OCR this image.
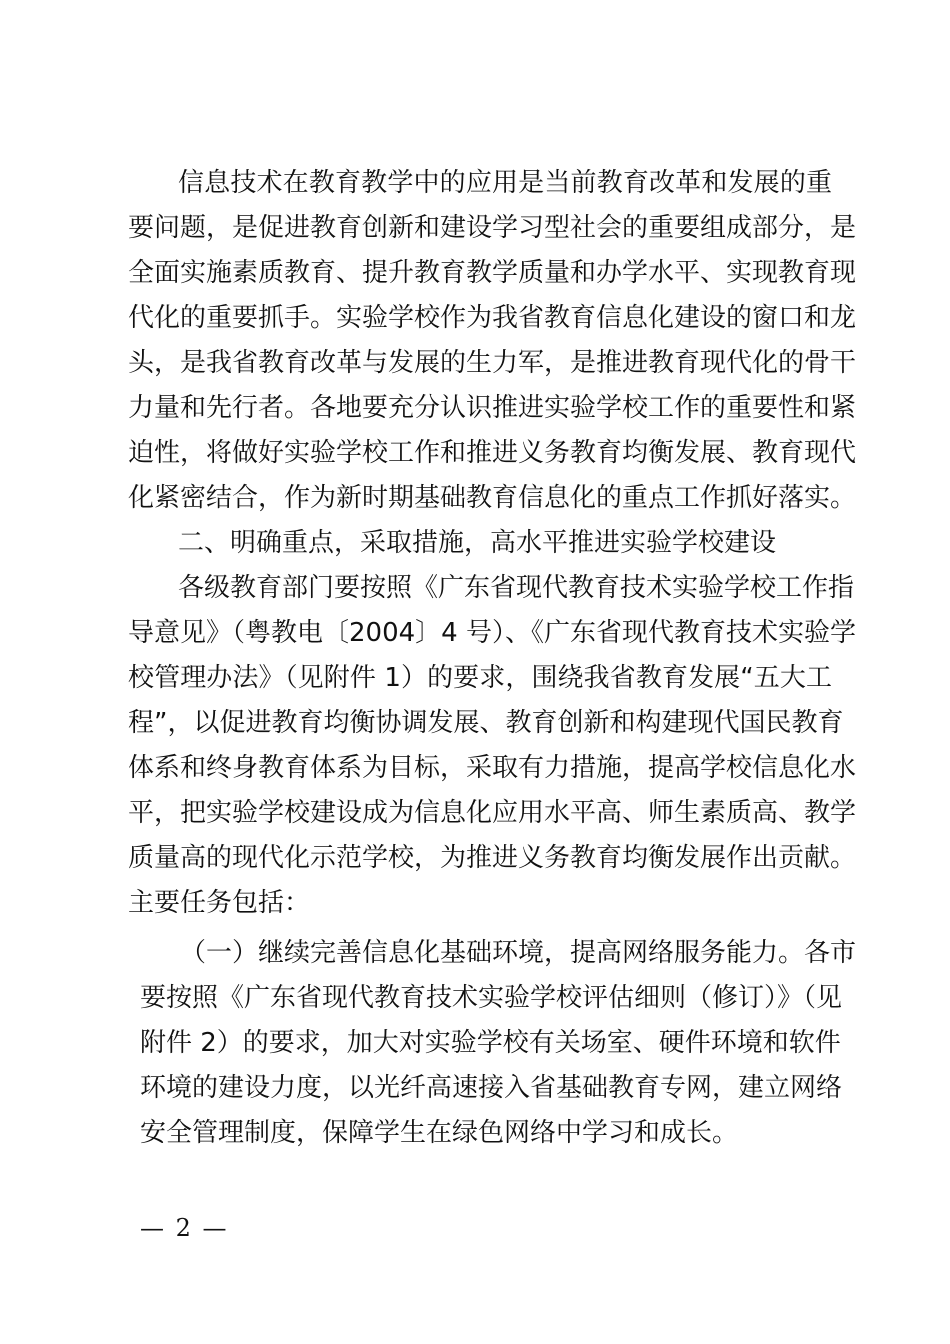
信息技术在教育教学中的应用是当前教育改革和发展的重
要问题，是促进教育创新和建设学习型社会的重要组成部分，是
全面实施素质教育、提升教育教学质量和办学水平、实现教育现
代化的重要抓手。实验学校作为我省教育信息化建设的窗口和龙
头，是我省教育改革与发展的生力军，是推进教育现代化的骨干
力量和先行者。各地要充分认识推进实验学校工作的重要性和紧
迫性，将做好实验学校工作和推进义务教育均衡发展、教育现代
化紧密结合，作为新时期基础教育信息化的重点工作抓好落实。
二、明确重点，采取措施，高水平推进实验学校建设
各级教育部门要按照《广东省现代教育技术实验学校工作指
导意见》（粤教电〔2004〕4 号）、《广东省现代教育技术实验学
校管理办法》（见附件 1）的要求，围绕我省教育发展“五大工
程”，以促进教育均衡协调发展、教育创新和构建现代国民教育
体系和终身教育体系为目标，采取有力措施，提高学校信息化水
平，把实验学校建设成为信息化应用水平高、师生素质高、教学
质量高的现代化示范学校，为推进义务教育均衡发展作出贡献。
主要任务包括：
（一）继续完善信息化基础环境，提高网络服务能力。各市
要按照《广东省现代教育技术实验学校评估细则（修订）》（见
附件 2）的要求，加大对实验学校有关场室、硬件环境和软件
环境的建设力度，以光纤高速接入省基础教育专网，建立网络
安全管理制度，保障学生在绿色网络中学习和成长。
— 2 —
